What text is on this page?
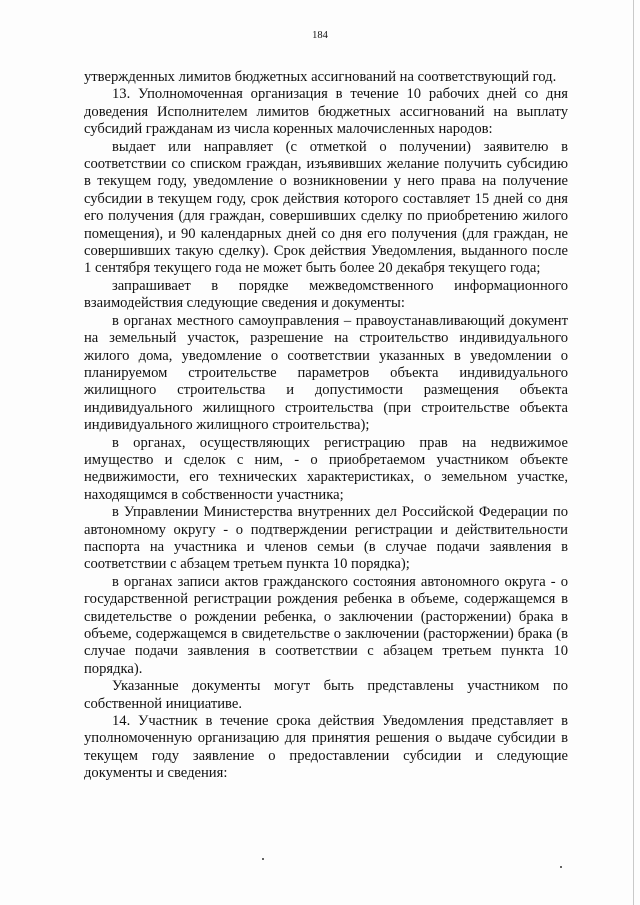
184

утвержденных лимитов бюджетных ассигнований на соответствующий год.

13. Уполномоченная организация в течение 10 рабочих дней со дня доведения Исполнителем лимитов бюджетных ассигнований на выплату субсидий гражданам из числа коренных малочисленных народов:

выдает или направляет (с отметкой о получении) заявителю в соответствии со списком граждан, изъявивших желание получить субсидию в текущем году, уведомление о возникновении у него права на получение субсидии в текущем году, срок действия которого составляет 15 дней со дня его получения (для граждан, совершивших сделку по приобретению жилого помещения), и 90 календарных дней со дня его получения (для граждан, не совершивших такую сделку). Срок действия Уведомления, выданного после 1 сентября текущего года не может быть более 20 декабря текущего года;

запрашивает в порядке межведомственного информационного взаимодействия следующие сведения и документы:

в органах местного самоуправления – правоустанавливающий документ на земельный участок, разрешение на строительство индивидуального жилого дома, уведомление о соответствии указанных в уведомлении о планируемом строительстве параметров объекта индивидуального жилищного строительства и допустимости размещения объекта индивидуального жилищного строительства (при строительстве объекта индивидуального жилищного строительства);

в органах, осуществляющих регистрацию прав на недвижимое имущество и сделок с ним, - о приобретаемом участником объекте недвижимости, его технических характеристиках, о земельном участке, находящимся в собственности участника;

в Управлении Министерства внутренних дел Российской Федерации по автономному округу - о подтверждении регистрации и действительности паспорта на участника и членов семьи (в случае подачи заявления в соответствии с абзацем третьем пункта 10 порядка);

в органах записи актов гражданского состояния автономного округа - о государственной регистрации рождения ребенка в объеме, содержащемся в свидетельстве о рождении ребенка, о заключении (расторжении) брака в объеме, содержащемся в свидетельстве о заключении (расторжении) брака (в случае подачи заявления в соответствии с абзацем третьем пункта 10 порядка).

Указанные документы могут быть представлены участником по собственной инициативе.

14. Участник в течение срока действия Уведомления представляет в уполномоченную организацию для принятия решения о выдаче субсидии в текущем году заявление о предоставлении субсидии и следующие документы и сведения:
